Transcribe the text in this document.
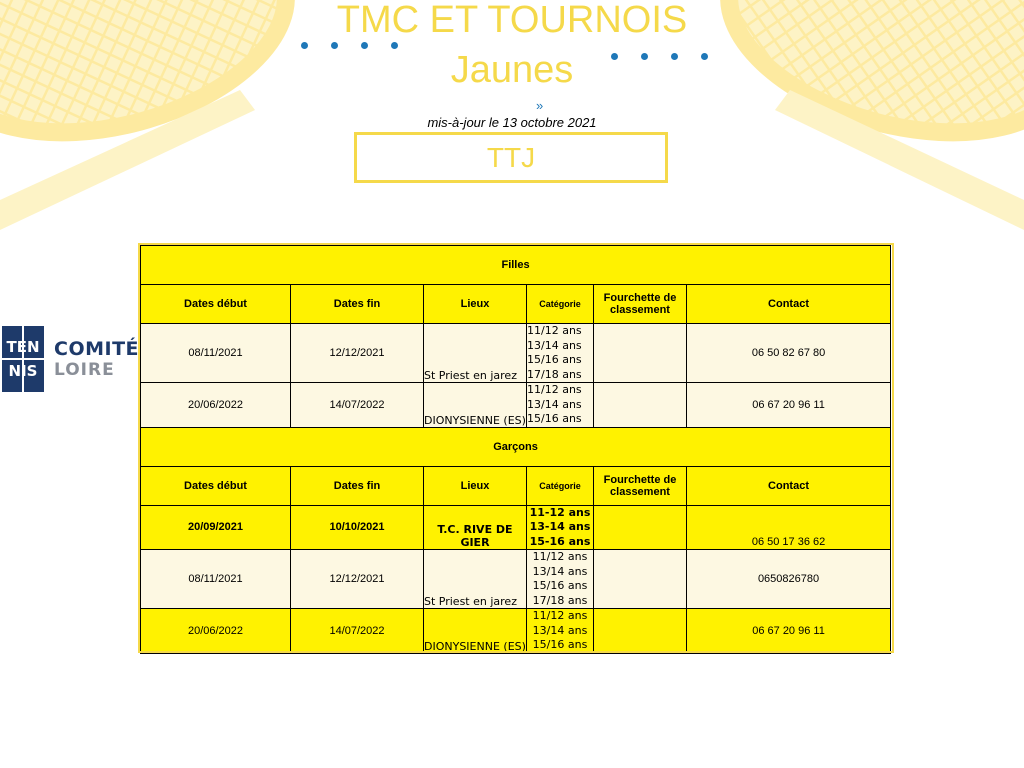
TMC ET TOURNOIS
Jaunes
»
mis-à-jour le 13 octobre 2021
TTJ
TEN
NIS
COMITÉ
LOIRE
Filles					
Dates début	Dates fin	Lieux	Catégorie	Fourchette de classement	Contact
08/11/2021	12/12/2021	St Priest en jarez	11/12 ans
13/14 ans
15/16 ans
17/18 ans		06 50 82 67 80
20/06/2022	14/07/2022	DIONYSIENNE (ES)	11/12 ans
13/14 ans
15/16 ans		06 67 20 96 11
Garçons					
Dates début	Dates fin	Lieux	Catégorie	Fourchette de classement	Contact
20/09/2021	10/10/2021	T.C. RIVE DE GIER	11-12 ans
13-14 ans
15-16 ans		06 50 17 36 62
08/11/2021	12/12/2021	St Priest en jarez	11/12 ans
13/14 ans
15/16 ans
17/18 ans		0650826780
20/06/2022	14/07/2022	DIONYSIENNE (ES)	11/12 ans
13/14 ans
15/16 ans		06 67 20 96 11
